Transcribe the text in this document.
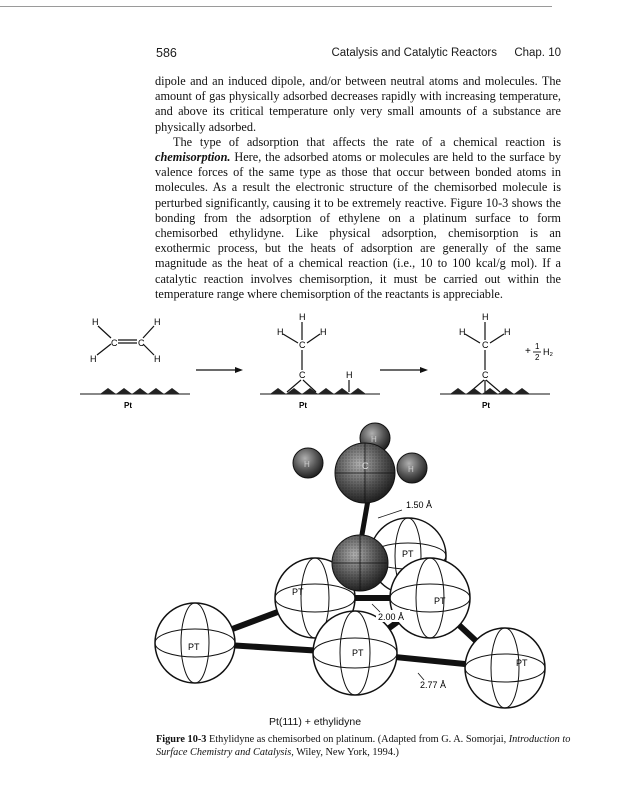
586	Catalysis and Catalytic Reactors Chap. 10

dipole and an induced dipole, and/or between neutral atoms and molecules. The amount of gas physically adsorbed decreases rapidly with increasing temperature, and above its critical temperature only very small amounts of a substance are physically adsorbed.

The type of adsorption that affects the rate of a chemical reaction is chemisorption. Here, the adsorbed atoms or molecules are held to the surface by valence forces of the same type as those that occur between bonded atoms in molecules. As a result the electronic structure of the chemisorbed molecule is perturbed significantly, causing it to be extremely reactive. Figure 10-3 shows the bonding from the adsorption of ethylene on a platinum surface to form chemisorbed ethylidyne. Like physical adsorption, chemisorption is an exothermic process, but the heats of adsorption are generally of the same magnitude as the heat of a chemical reaction (i.e., 10 to 100 kcal/g mol). If a catalytic reaction involves chemisorption, it must be carried out within the temperature range where chemisorption of the reactants is appreciable.

H	H
H	H
C C
Pt
H
H	H
C
C	H
Pt
H
H	H
C
C
Pt
+ 1
2
H₂
PT
PT
PT
PT
PT
PT
H
H
H
C
1.50 Å
2.00 Å
2.77 Å
Pt(111) + ethylidyne
Figure 10-3 Ethylidyne as chemisorbed on platinum. (Adapted from G. A. Somorjai, Introduction to Surface Chemistry and Catalysis, Wiley, New York, 1994.)
